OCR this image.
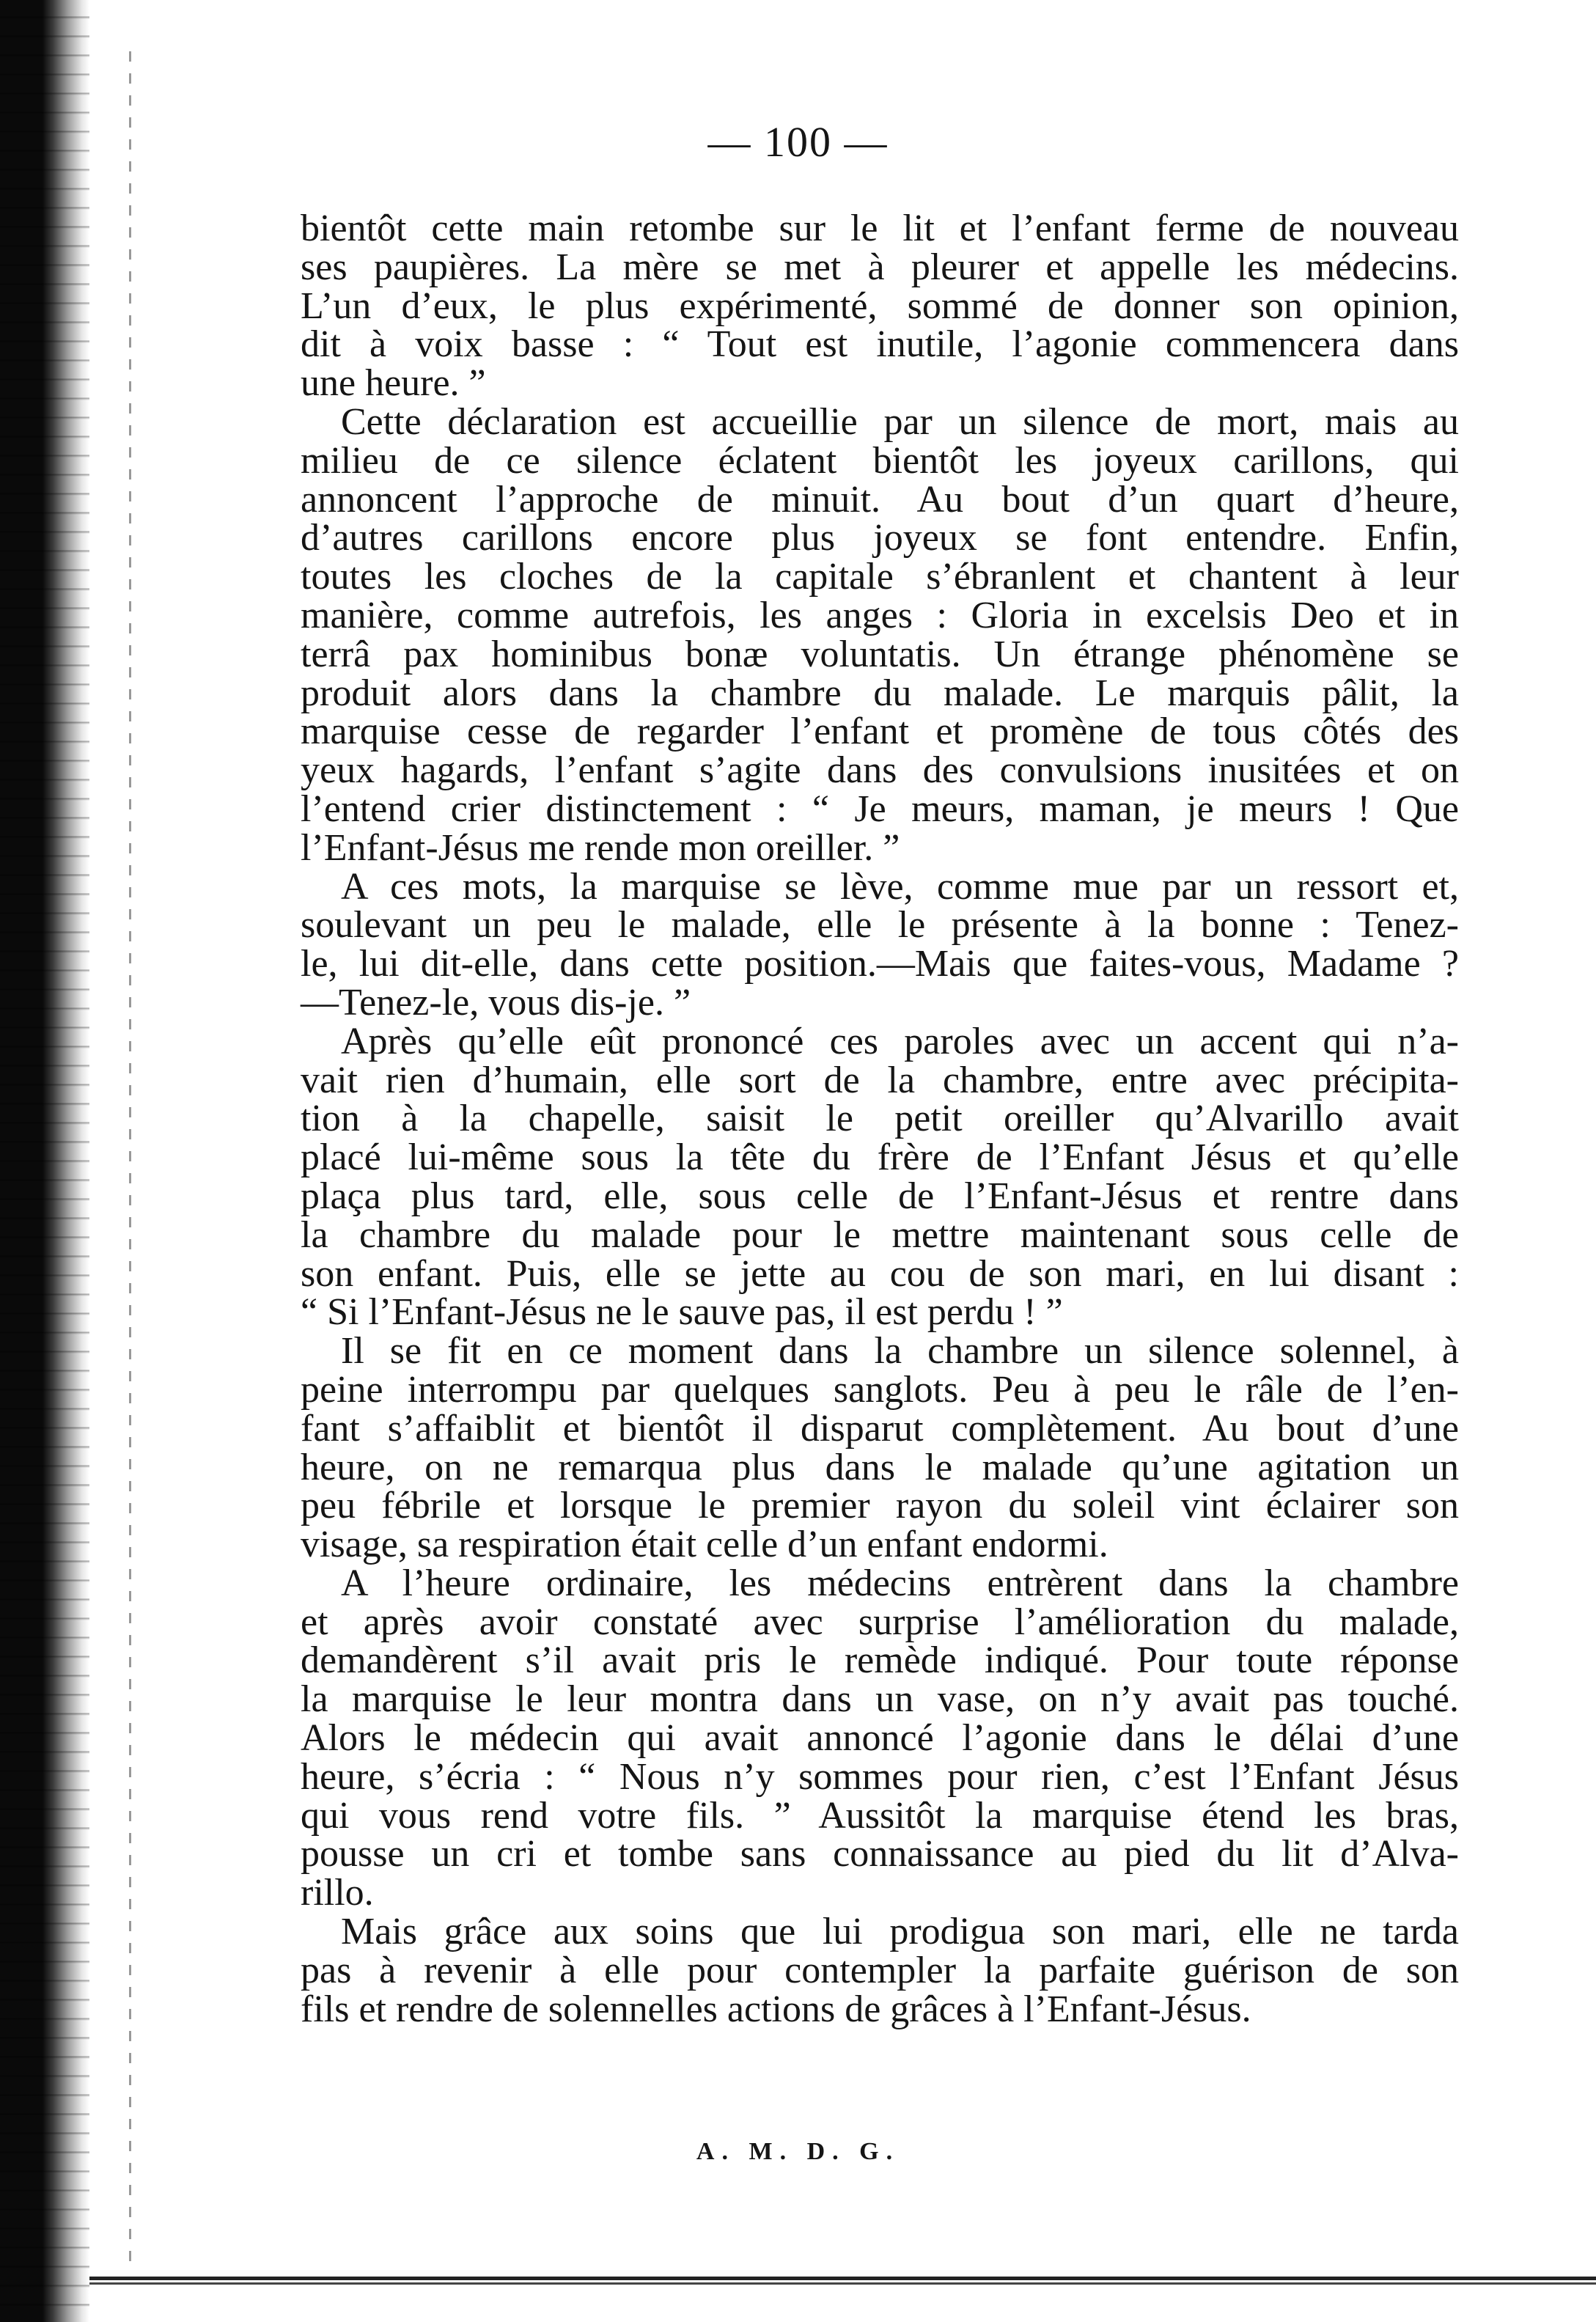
— 100 —
bientôt cette main retombe sur le lit et l’enfant ferme de nouveau
ses paupières. La mère se met à pleurer et appelle les médecins.
L’un d’eux, le plus expérimenté, sommé de donner son opinion,
dit à voix basse : “ Tout est inutile, l’agonie commencera dans
une heure. ”
Cette déclaration est accueillie par un silence de mort, mais au
milieu de ce silence éclatent bientôt les joyeux carillons, qui
annoncent l’approche de minuit. Au bout d’un quart d’heure,
d’autres carillons encore plus joyeux se font entendre. Enfin,
toutes les cloches de la capitale s’ébranlent et chantent à leur
manière, comme autrefois, les anges : Gloria in excelsis Deo et in
terrâ pax hominibus bonæ voluntatis. Un étrange phénomène se
produit alors dans la chambre du malade. Le marquis pâlit, la
marquise cesse de regarder l’enfant et promène de tous côtés des
yeux hagards, l’enfant s’agite dans des convulsions inusitées et on
l’entend crier distinctement : “ Je meurs, maman, je meurs ! Que
l’Enfant-Jésus me rende mon oreiller. ”
A ces mots, la marquise se lève, comme mue par un ressort et,
soulevant un peu le malade, elle le présente à la bonne : Tenez-
le, lui dit-elle, dans cette position.—Mais que faites-vous, Madame ?
—Tenez-le, vous dis-je. ”
Après qu’elle eût prononcé ces paroles avec un accent qui n’a-
vait rien d’humain, elle sort de la chambre, entre avec précipita-
tion à la chapelle, saisit le petit oreiller qu’Alvarillo avait
placé lui-même sous la tête du frère de l’Enfant Jésus et qu’elle
plaça plus tard, elle, sous celle de l’Enfant-Jésus et rentre dans
la chambre du malade pour le mettre maintenant sous celle de
son enfant. Puis, elle se jette au cou de son mari, en lui disant :
“ Si l’Enfant-Jésus ne le sauve pas, il est perdu ! ”
Il se fit en ce moment dans la chambre un silence solennel, à
peine interrompu par quelques sanglots. Peu à peu le râle de l’en-
fant s’affaiblit et bientôt il disparut complètement. Au bout d’une
heure, on ne remarqua plus dans le malade qu’une agitation un
peu fébrile et lorsque le premier rayon du soleil vint éclairer son
visage, sa respiration était celle d’un enfant endormi.
A l’heure ordinaire, les médecins entrèrent dans la chambre
et après avoir constaté avec surprise l’amélioration du malade,
demandèrent s’il avait pris le remède indiqué. Pour toute réponse
la marquise le leur montra dans un vase, on n’y avait pas touché.
Alors le médecin qui avait annoncé l’agonie dans le délai d’une
heure, s’écria : “ Nous n’y sommes pour rien, c’est l’Enfant Jésus
qui vous rend votre fils. ” Aussitôt la marquise étend les bras,
pousse un cri et tombe sans connaissance au pied du lit d’Alva-
rillo.
Mais grâce aux soins que lui prodigua son mari, elle ne tarda
pas à revenir à elle pour contempler la parfaite guérison de son
fils et rendre de solennelles actions de grâces à l’Enfant-Jésus.
A. M. D. G.
